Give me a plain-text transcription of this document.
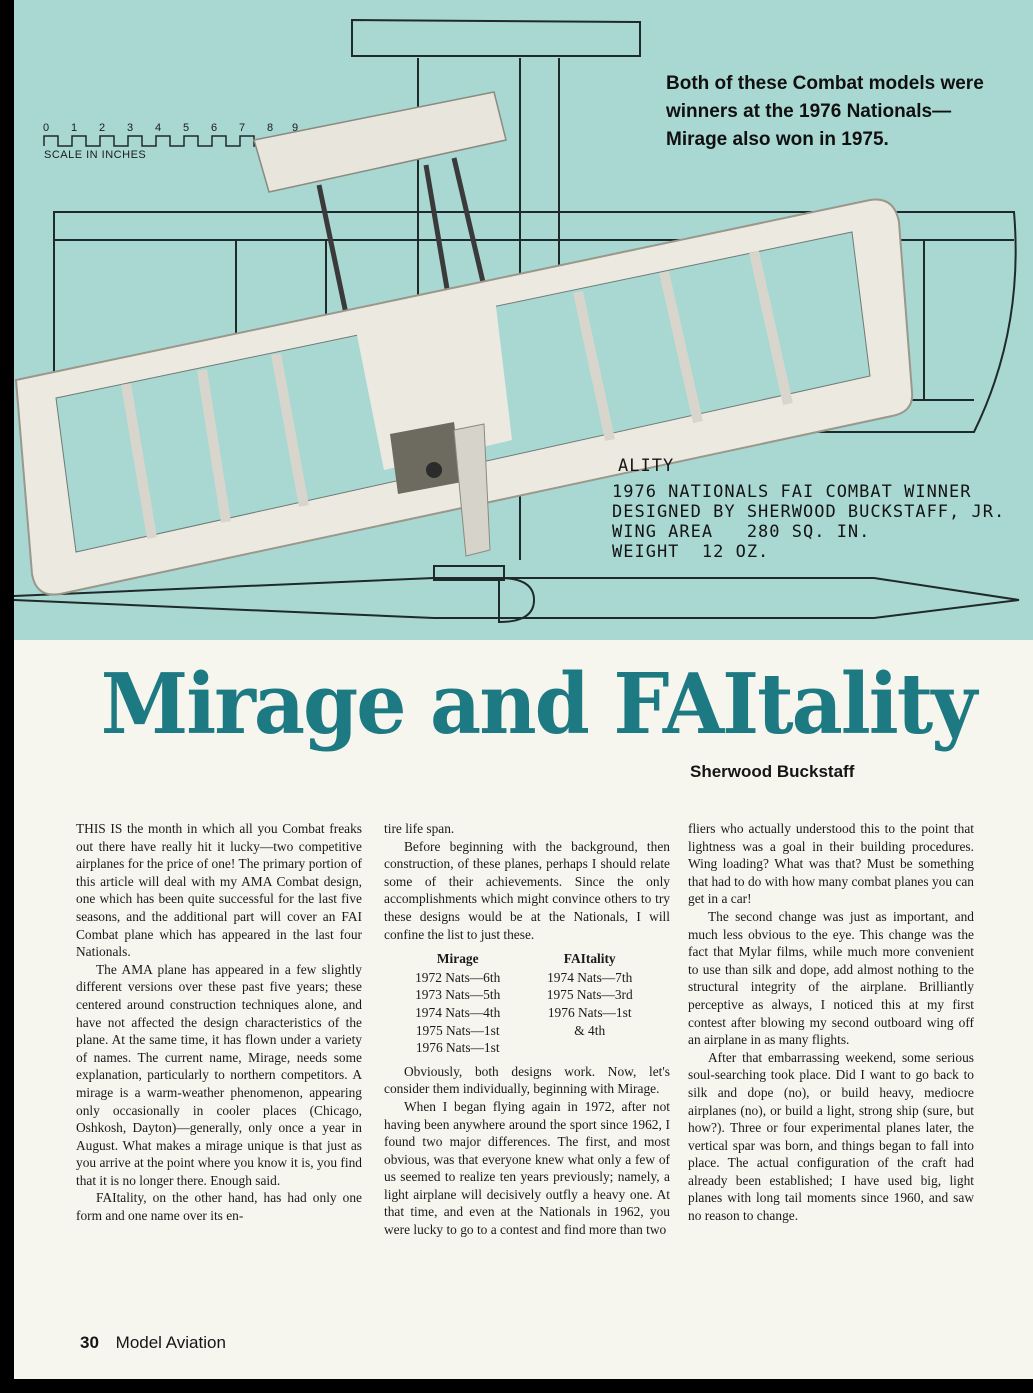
0 1 2 3 4 5 6 7 8 9
SCALE IN INCHES
Both of these Combat models were winners at the 1976 Nationals—Mirage also won in 1975.
ALITY
1976 NATIONALS FAI COMBAT WINNER
DESIGNED BY SHERWOOD BUCKSTAFF, JR.
WING AREA   280 SQ. IN.
WEIGHT  12 OZ.
Mirage and FAItality
Sherwood Buckstaff

THIS IS the month in which all you Combat freaks out there have really hit it lucky—two competitive airplanes for the price of one! The primary portion of this article will deal with my AMA Combat design, one which has been quite successful for the last five seasons, and the additional part will cover an FAI Combat plane which has appeared in the last four Nationals.

The AMA plane has appeared in a few slightly different versions over these past five years; these centered around construction techniques alone, and have not affected the design characteristics of the plane. At the same time, it has flown under a variety of names. The current name, Mirage, needs some explanation, particularly to northern competitors. A mirage is a warm-weather phenomenon, appearing only occasionally in cooler places (Chicago, Oshkosh, Dayton)—generally, only once a year in August. What makes a mirage unique is that just as you arrive at the point where you know it is, you find that it is no longer there. Enough said.

FAItality, on the other hand, has had only one form and one name over its en-

tire life span.

Before beginning with the background, then construction, of these planes, perhaps I should relate some of their achievements. Since the only accomplishments which might convince others to try these designs would be at the Nationals, I will confine the list to just these.

Mirage	FAItality
1972 Nats—6th	1974 Nats—7th
1973 Nats—5th	1975 Nats—3rd
1974 Nats—4th	1976 Nats—1st
1975 Nats—1st	& 4th
1976 Nats—1st	

Obviously, both designs work. Now, let's consider them individually, beginning with Mirage.

When I began flying again in 1972, after not having been anywhere around the sport since 1962, I found two major differences. The first, and most obvious, was that everyone knew what only a few of us seemed to realize ten years previously; namely, a light airplane will decisively outfly a heavy one. At that time, and even at the Nationals in 1962, you were lucky to go to a contest and find more than two

fliers who actually understood this to the point that lightness was a goal in their building procedures. Wing loading? What was that? Must be something that had to do with how many combat planes you can get in a car!

The second change was just as important, and much less obvious to the eye. This change was the fact that Mylar films, while much more convenient to use than silk and dope, add almost nothing to the structural integrity of the airplane. Brilliantly perceptive as always, I noticed this at my first contest after blowing my second outboard wing off an airplane in as many flights.

After that embarrassing weekend, some serious soul-searching took place. Did I want to go back to silk and dope (no), or build heavy, mediocre airplanes (no), or build a light, strong ship (sure, but how?). Three or four experimental planes later, the vertical spar was born, and things began to fall into place. The actual configuration of the craft had already been established; I have used big, light planes with long tail moments since 1960, and saw no reason to change.

30 Model Aviation
